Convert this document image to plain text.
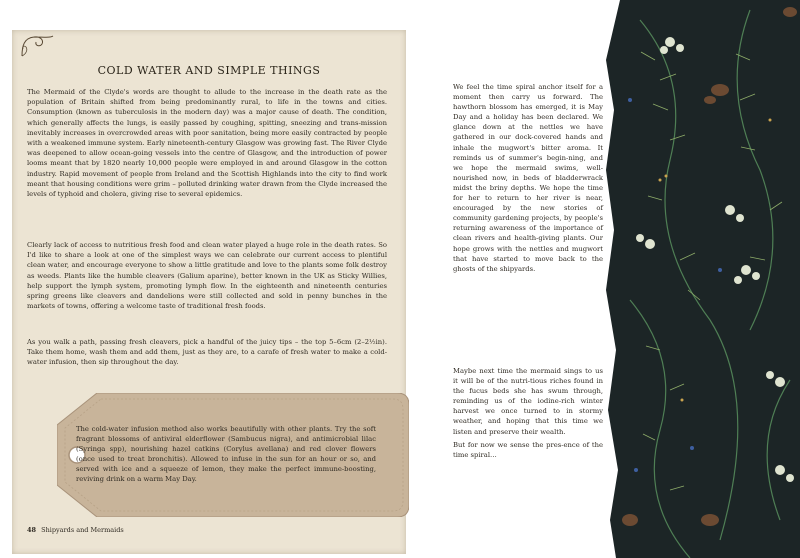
COLD WATER AND SIMPLE THINGS

The Mermaid of the Clyde's words are thought to allude to the increase in the death rate as the population of Britain shifted from being predominantly rural, to life in the towns and cities. Consumption (known as tuberculosis in the modern day) was a major cause of death. The condition, which generally affects the lungs, is easily passed by coughing, spitting, sneezing and trans-mission inevitably increases in overcrowded areas with poor sanitation, being more easily contracted by people with a weakened immune system. Early nineteenth-century Glasgow was growing fast. The River Clyde was deepened to allow ocean-going vessels into the centre of Glasgow, and the introduction of power looms meant that by 1820 nearly 10,000 people were employed in and around Glasgow in the cotton industry. Rapid movement of people from Ireland and the Scottish Highlands into the city to find work meant that housing conditions were grim – polluted drinking water drawn from the Clyde increased the levels of typhoid and cholera, giving rise to several epidemics.

Clearly lack of access to nutritious fresh food and clean water played a huge role in the death rates. So I'd like to share a look at one of the simplest ways we can celebrate our current access to plentiful clean water, and encourage everyone to show a little gratitude and love to the plants some folk destroy as weeds. Plants like the humble cleavers (Galium aparine), better known in the UK as Sticky Willies, help support the lymph system, promoting lymph flow. In the eighteenth and nineteenth centuries spring greens like cleavers and dandelions were still collected and sold in penny bunches in the markets of towns, offering a welcome taste of traditional fresh foods.

As you walk a path, passing fresh cleavers, pick a handful of the juicy tips – the top 5–6cm (2–2½in). Take them home, wash them and add them, just as they are, to a carafe of fresh water to make a cold-water infusion, then sip throughout the day.

The cold-water infusion method also works beautifully with other plants. Try the soft fragrant blossoms of antiviral elderflower (Sambucus nigra), and antimicrobial lilac (Syringa spp), nourishing hazel catkins (Corylus avellana) and red clover flowers (once used to treat bronchitis). Allowed to infuse in the sun for an hour or so, and served with ice and a squeeze of lemon, they make the perfect immune-boosting, reviving drink on a warm May Day.

48 Shipyards and Mermaids

We feel the time spiral anchor itself for a moment then carry us forward. The hawthorn blossom has emerged, it is May Day and a holiday has been declared. We glance down at the nettles we have gathered in our dock-covered hands and inhale the mugwort's bitter aroma. It reminds us of summer's begin-ning, and we hope the mermaid swims, well-nourished now, in beds of bladderwrack midst the briny depths. We hope the time for her to return to her river is near, encouraged by the new stories of community gardening projects, by people's returning awareness of the importance of clean rivers and health-giving plants. Our hope grows with the nettles and mugwort that have started to move back to the ghosts of the shipyards.

Maybe next time the mermaid sings to us it will be of the nutri-tious riches found in the fucus beds she has swum through, reminding us of the iodine-rich winter harvest we once turned to in stormy weather, and hoping that this time we listen and preserve their wealth.

But for now we sense the pres-ence of the time spiral…
